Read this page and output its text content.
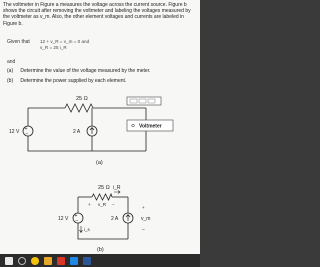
The voltmeter in Figure a measures the voltage across the current source. Figure b shows the circuit after removing the voltmeter and labeling the voltages measured by the voltmeter as v_m. Also, the other element voltages and currents are labeled in Figure b.
Given that 12 + v_R = v_m = 0 and
v_R = 25 i_R
and
(a) Determine the value of the voltage measured by the meter.
(b) Determine the power supplied by each element.
+
−
25 Ω
12 V	2 A
Voltmeter
(a)
+
−
25 Ω i_R
+ v_R −
12 V	2 A
i_s
+
v_m
−
(b)
